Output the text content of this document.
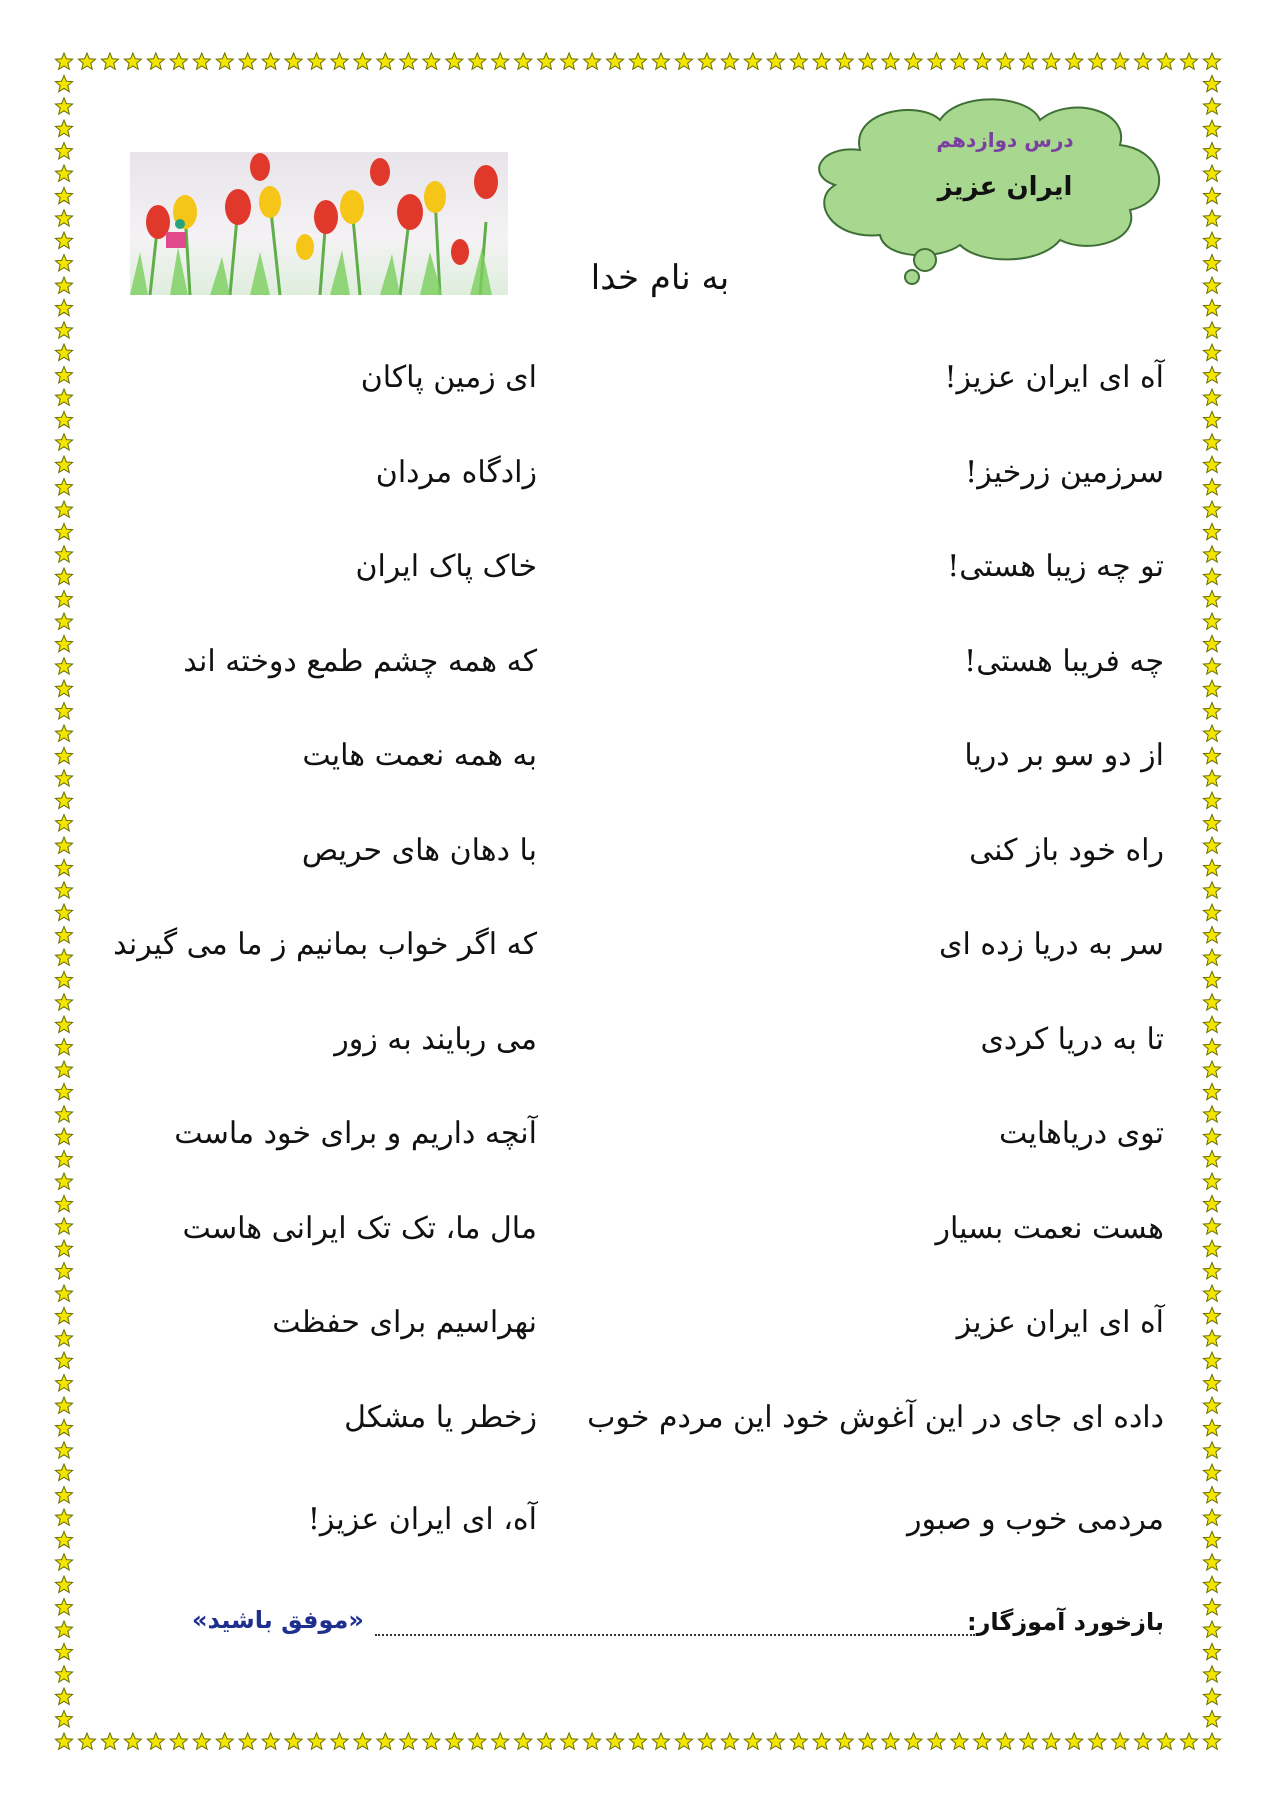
درس دوازدهم
ایران عزیز
به نام خدا
آه ای ایران عزیز!
ای زمین پاکان
سرزمین زرخیز!
زادگاه مردان
تو چه زیبا هستی!
خاک پاک ایران
چه فریبا هستی!
که همه چشم طمع دوخته اند
از دو سو بر دریا
به همه نعمت هایت
راه خود باز کنی
با دهان های حریص
سر به دریا زده ای
که اگر خواب بمانیم ز ما می گیرند
تا به دریا کردی
می ربایند به زور
توی دریاهایت
آنچه داریم و برای خود ماست
هست نعمت بسیار
مال ما، تک تک ایرانی هاست
آه ای ایران عزیز
نهراسیم برای حفظت
داده ای جای در این آغوش خود این مردم خوب
زخطر یا مشکل
مردمی خوب و صبور
آه، ای ایران عزیز!
بازخورد آموزگار:
«موفق باشید»
